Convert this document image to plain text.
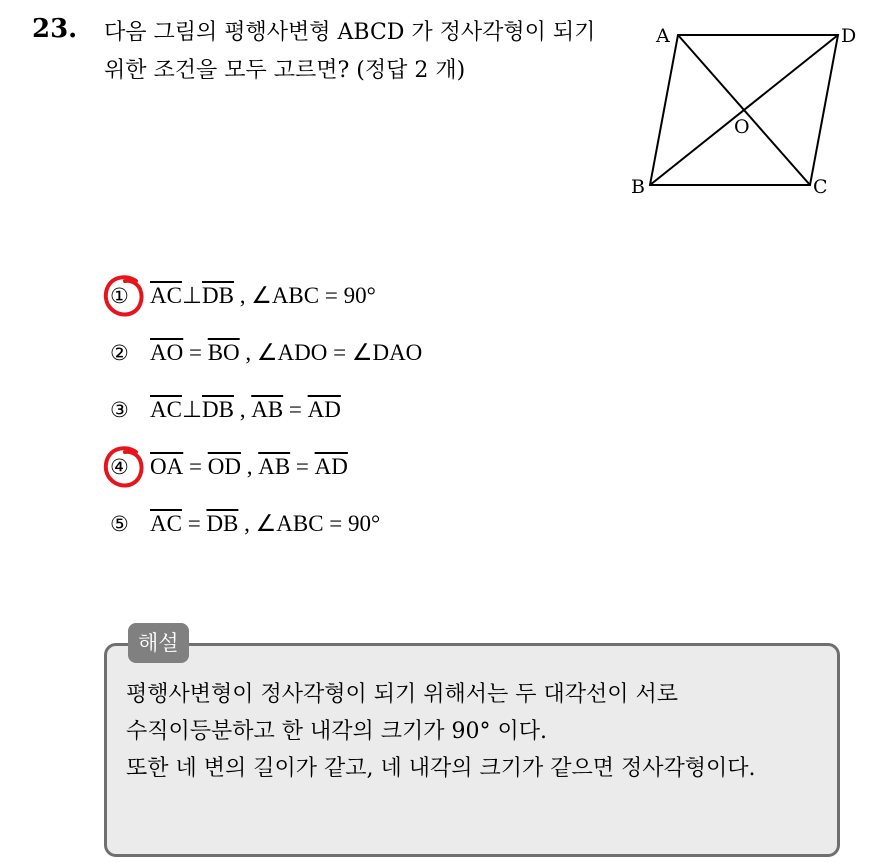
23. 다음 그림의 평행사변형 ABCD 가 정사각형이 되기 위한 조건을 모두 고르면? (정답 2 개)
A	D
O
B	C
① $\overline{AC}$ ⊥ $\overline{DB}$ , ∠ABC = 90°
② $\overline{AO} = \overline{BO}$ , ∠ADO = ∠DAO
③ $\overline{AC}$ ⊥ $\overline{DB}$ , $\overline{AB} = \overline{AD}$
④ $\overline{OA} = \overline{OD}$ , $\overline{AB} = \overline{AD}$
⑤ $\overline{AC} = \overline{DB}$ , ∠ABC = 90°
해설

평행사변형이 정사각형이 되기 위해서는 두 대각선이 서로 수직이등분하고 한 내각의 크기가 90° 이다.

또한 네 변의 길이가 같고, 네 내각의 크기가 같으면 정사각형이다.
